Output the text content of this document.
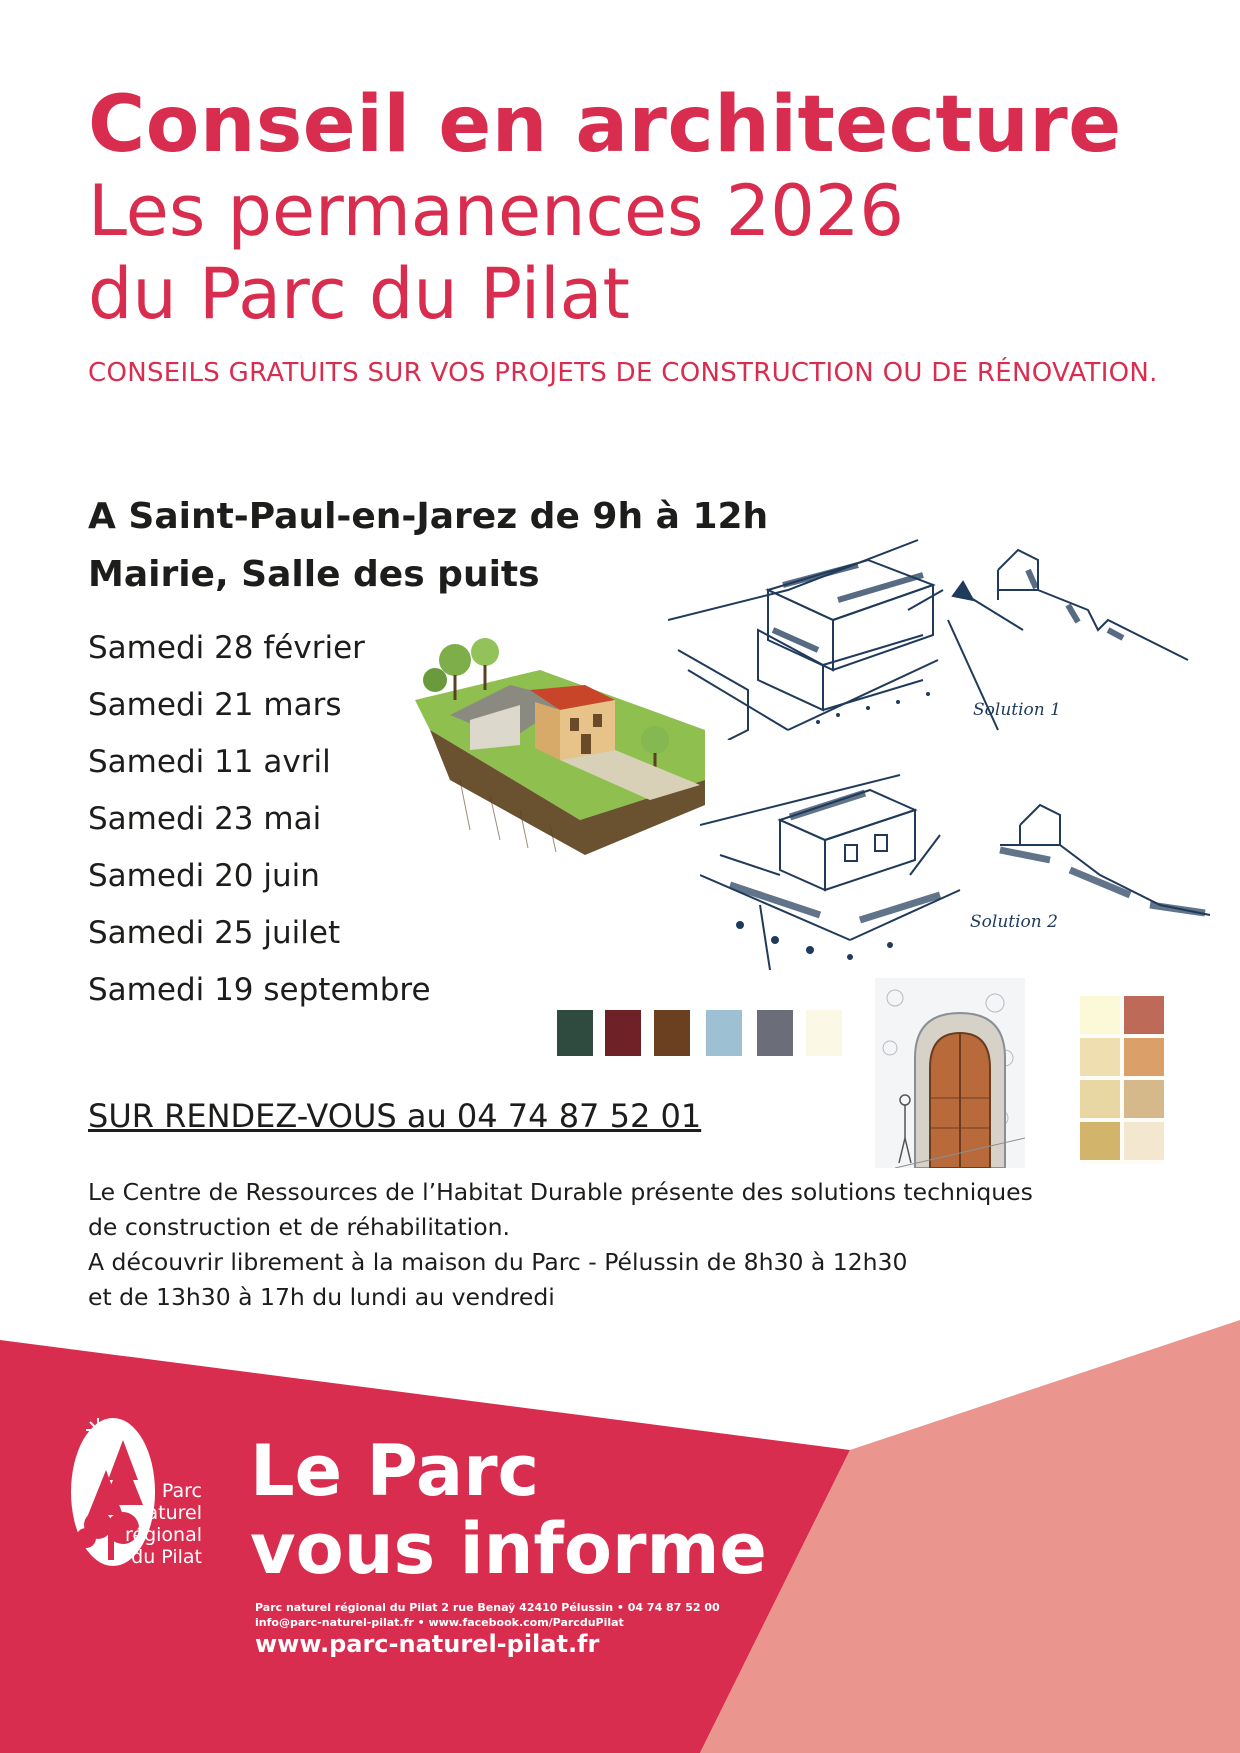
Conseil en architecture
Les permanences 2026
du Parc du Pilat
CONSEILS GRATUITS SUR VOS PROJETS DE CONSTRUCTION OU DE RÉNOVATION.
A Saint-Paul-en-Jarez de 9h à 12h
Mairie, Salle des puits
Samedi 28 février
Samedi 21 mars
Samedi 11 avril
Samedi 23 mai
Samedi 20 juin
Samedi 25 juilet
Samedi 19 septembre
Solution 1
Solution 2
SUR RENDEZ-VOUS au 04 74 87 52 01
Le Centre de Ressources de l’Habitat Durable présente des solutions techniques
de construction et de réhabilitation.
A découvrir librement à la maison du Parc - Pélussin de 8h30 à 12h30
et de 13h30 à 17h du lundi au vendredi
Parc
naturel
régional
du Pilat
Le Parc
vous informe
Parc naturel régional du Pilat 2 rue Benaÿ 42410 Pélussin • 04 74 87 52 00
info@parc-naturel-pilat.fr • www.facebook.com/ParcduPilat
www.parc-naturel-pilat.fr
